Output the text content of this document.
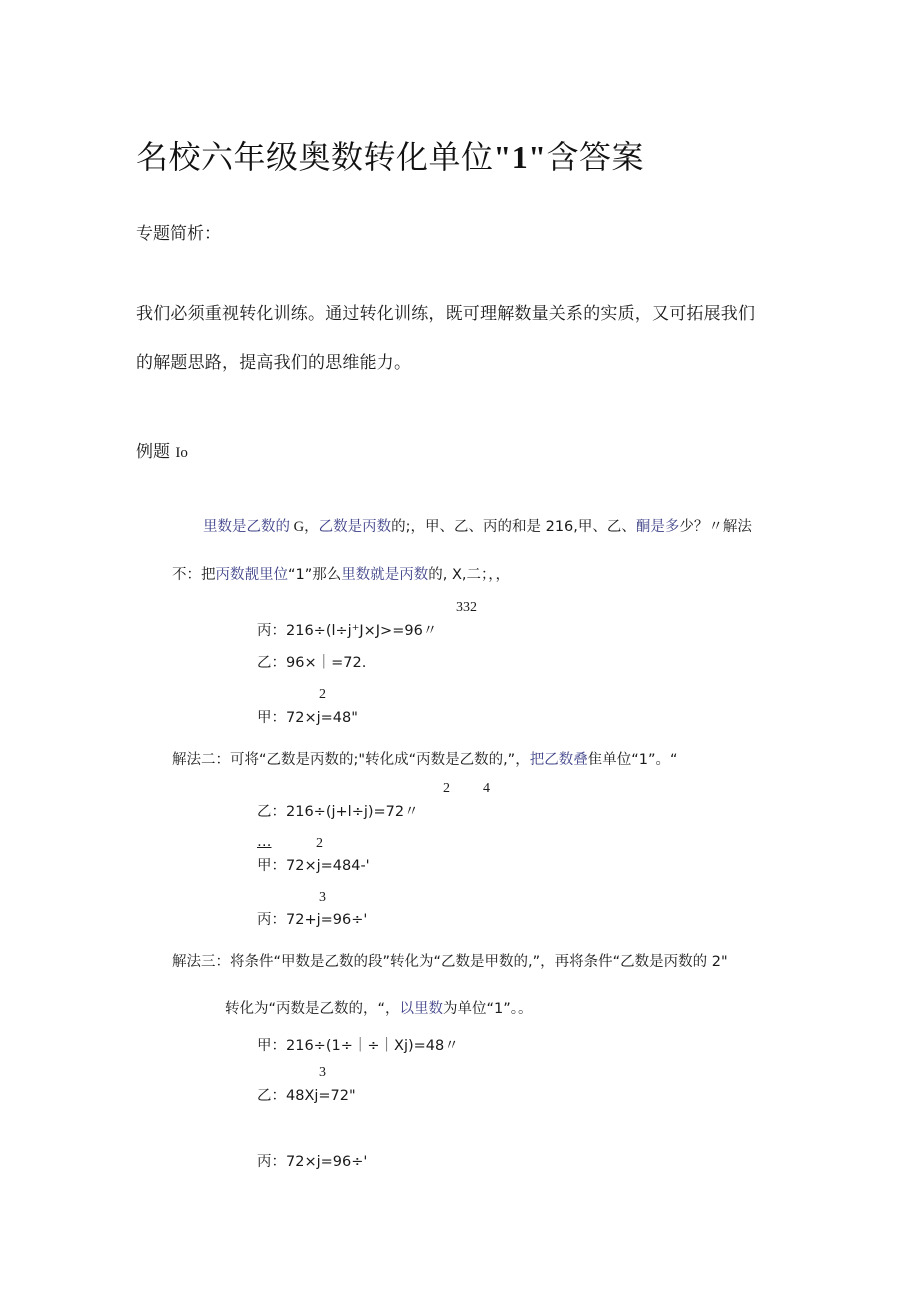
名校六年级奥数转化单位"1"含答案
专题简析：
我们必须重视转化训练。通过转化训练，既可理解数量关系的实质，又可拓展我们
的解题思路，提高我们的思维能力。
例题 Io
里数是乙数的 G，乙数是丙数的;，甲、乙、丙的和是 216,甲、乙、酮是多少？〃解法
不：把丙数靓里位“1”那么里数就是丙数的, X,二；，，
332
丙：216÷(l÷j⁺J×J>=96〃
乙：96×｜=72.
2
甲：72×j=48"
解法二：可将“乙数是丙数的;"转化成“丙数是乙数的,”，把乙数叠隹单位“1”。“
2 4
乙：216÷(j+l÷j)=72〃
…	2
甲：72×j=484-'
3
丙：72+j=96÷'
解法三：将条件“甲数是乙数的段”转化为“乙数是甲数的,”，再将条件“乙数是丙数的 2"
转化为“丙数是乙数的，“，以里数为单位“1”。。
甲：216÷(1÷｜÷｜Xj)=48〃
3
乙：48Xj=72"
丙：72×j=96÷'
